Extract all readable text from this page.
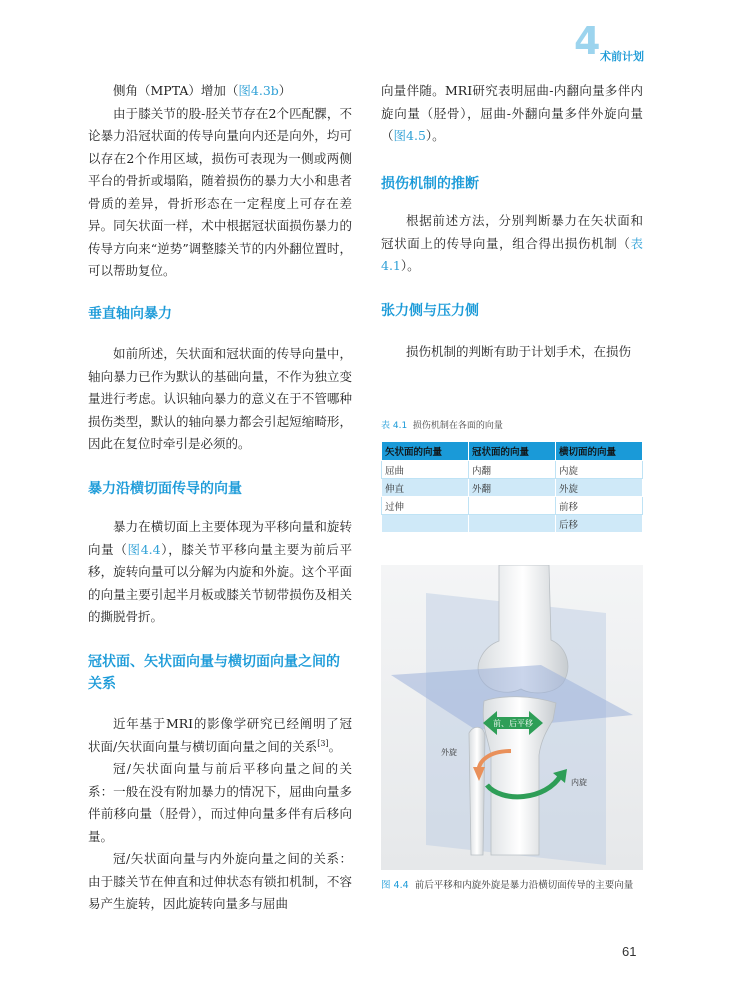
4 术前计划

侧角（MPTA）增加（图4.3b）

由于膝关节的股-胫关节存在2个匹配髁，不论暴力沿冠状面的传导向量向内还是向外，均可以存在2个作用区域，损伤可表现为一侧或两侧平台的骨折或塌陷，随着损伤的暴力大小和患者骨质的差异，骨折形态在一定程度上可存在差异。同矢状面一样，术中根据冠状面损伤暴力的传导方向来“逆势”调整膝关节的内外翻位置时，可以帮助复位。

垂直轴向暴力

如前所述，矢状面和冠状面的传导向量中，轴向暴力已作为默认的基础向量，不作为独立变量进行考虑。认识轴向暴力的意义在于不管哪种损伤类型，默认的轴向暴力都会引起短缩畸形，因此在复位时牵引是必须的。

暴力沿横切面传导的向量

暴力在横切面上主要体现为平移向量和旋转向量（图4.4），膝关节平移向量主要为前后平移，旋转向量可以分解为内旋和外旋。这个平面的向量主要引起半月板或膝关节韧带损伤及相关的撕脱骨折。

冠状面、矢状面向量与横切面向量之间的关系

近年基于MRI的影像学研究已经阐明了冠状面/矢状面向量与横切面向量之间的关系[3]。

冠/矢状面向量与前后平移向量之间的关系：一般在没有附加暴力的情况下，屈曲向量多伴前移向量（胫骨），而过伸向量多伴有后移向量。

冠/矢状面向量与内外旋向量之间的关系：由于膝关节在伸直和过伸状态有锁扣机制，不容易产生旋转，因此旋转向量多与屈曲

向量伴随。MRI研究表明屈曲-内翻向量多伴内旋向量（胫骨），屈曲-外翻向量多伴外旋向量（图4.5）。

损伤机制的推断

根据前述方法，分别判断暴力在矢状面和冠状面上的传导向量，组合得出损伤机制（表4.1）。

张力侧与压力侧

损伤机制的判断有助于计划手术，在损伤

表 4.1 损伤机制在各面的向量
矢状面的向量	冠状面的向量	横切面的向量
屈曲	内翻	内旋
伸直	外翻	外旋
过伸		前移
		后移
前、后平移
外旋
内旋
图 4.4 前后平移和内旋外旋是暴力沿横切面传导的主要向量
61
